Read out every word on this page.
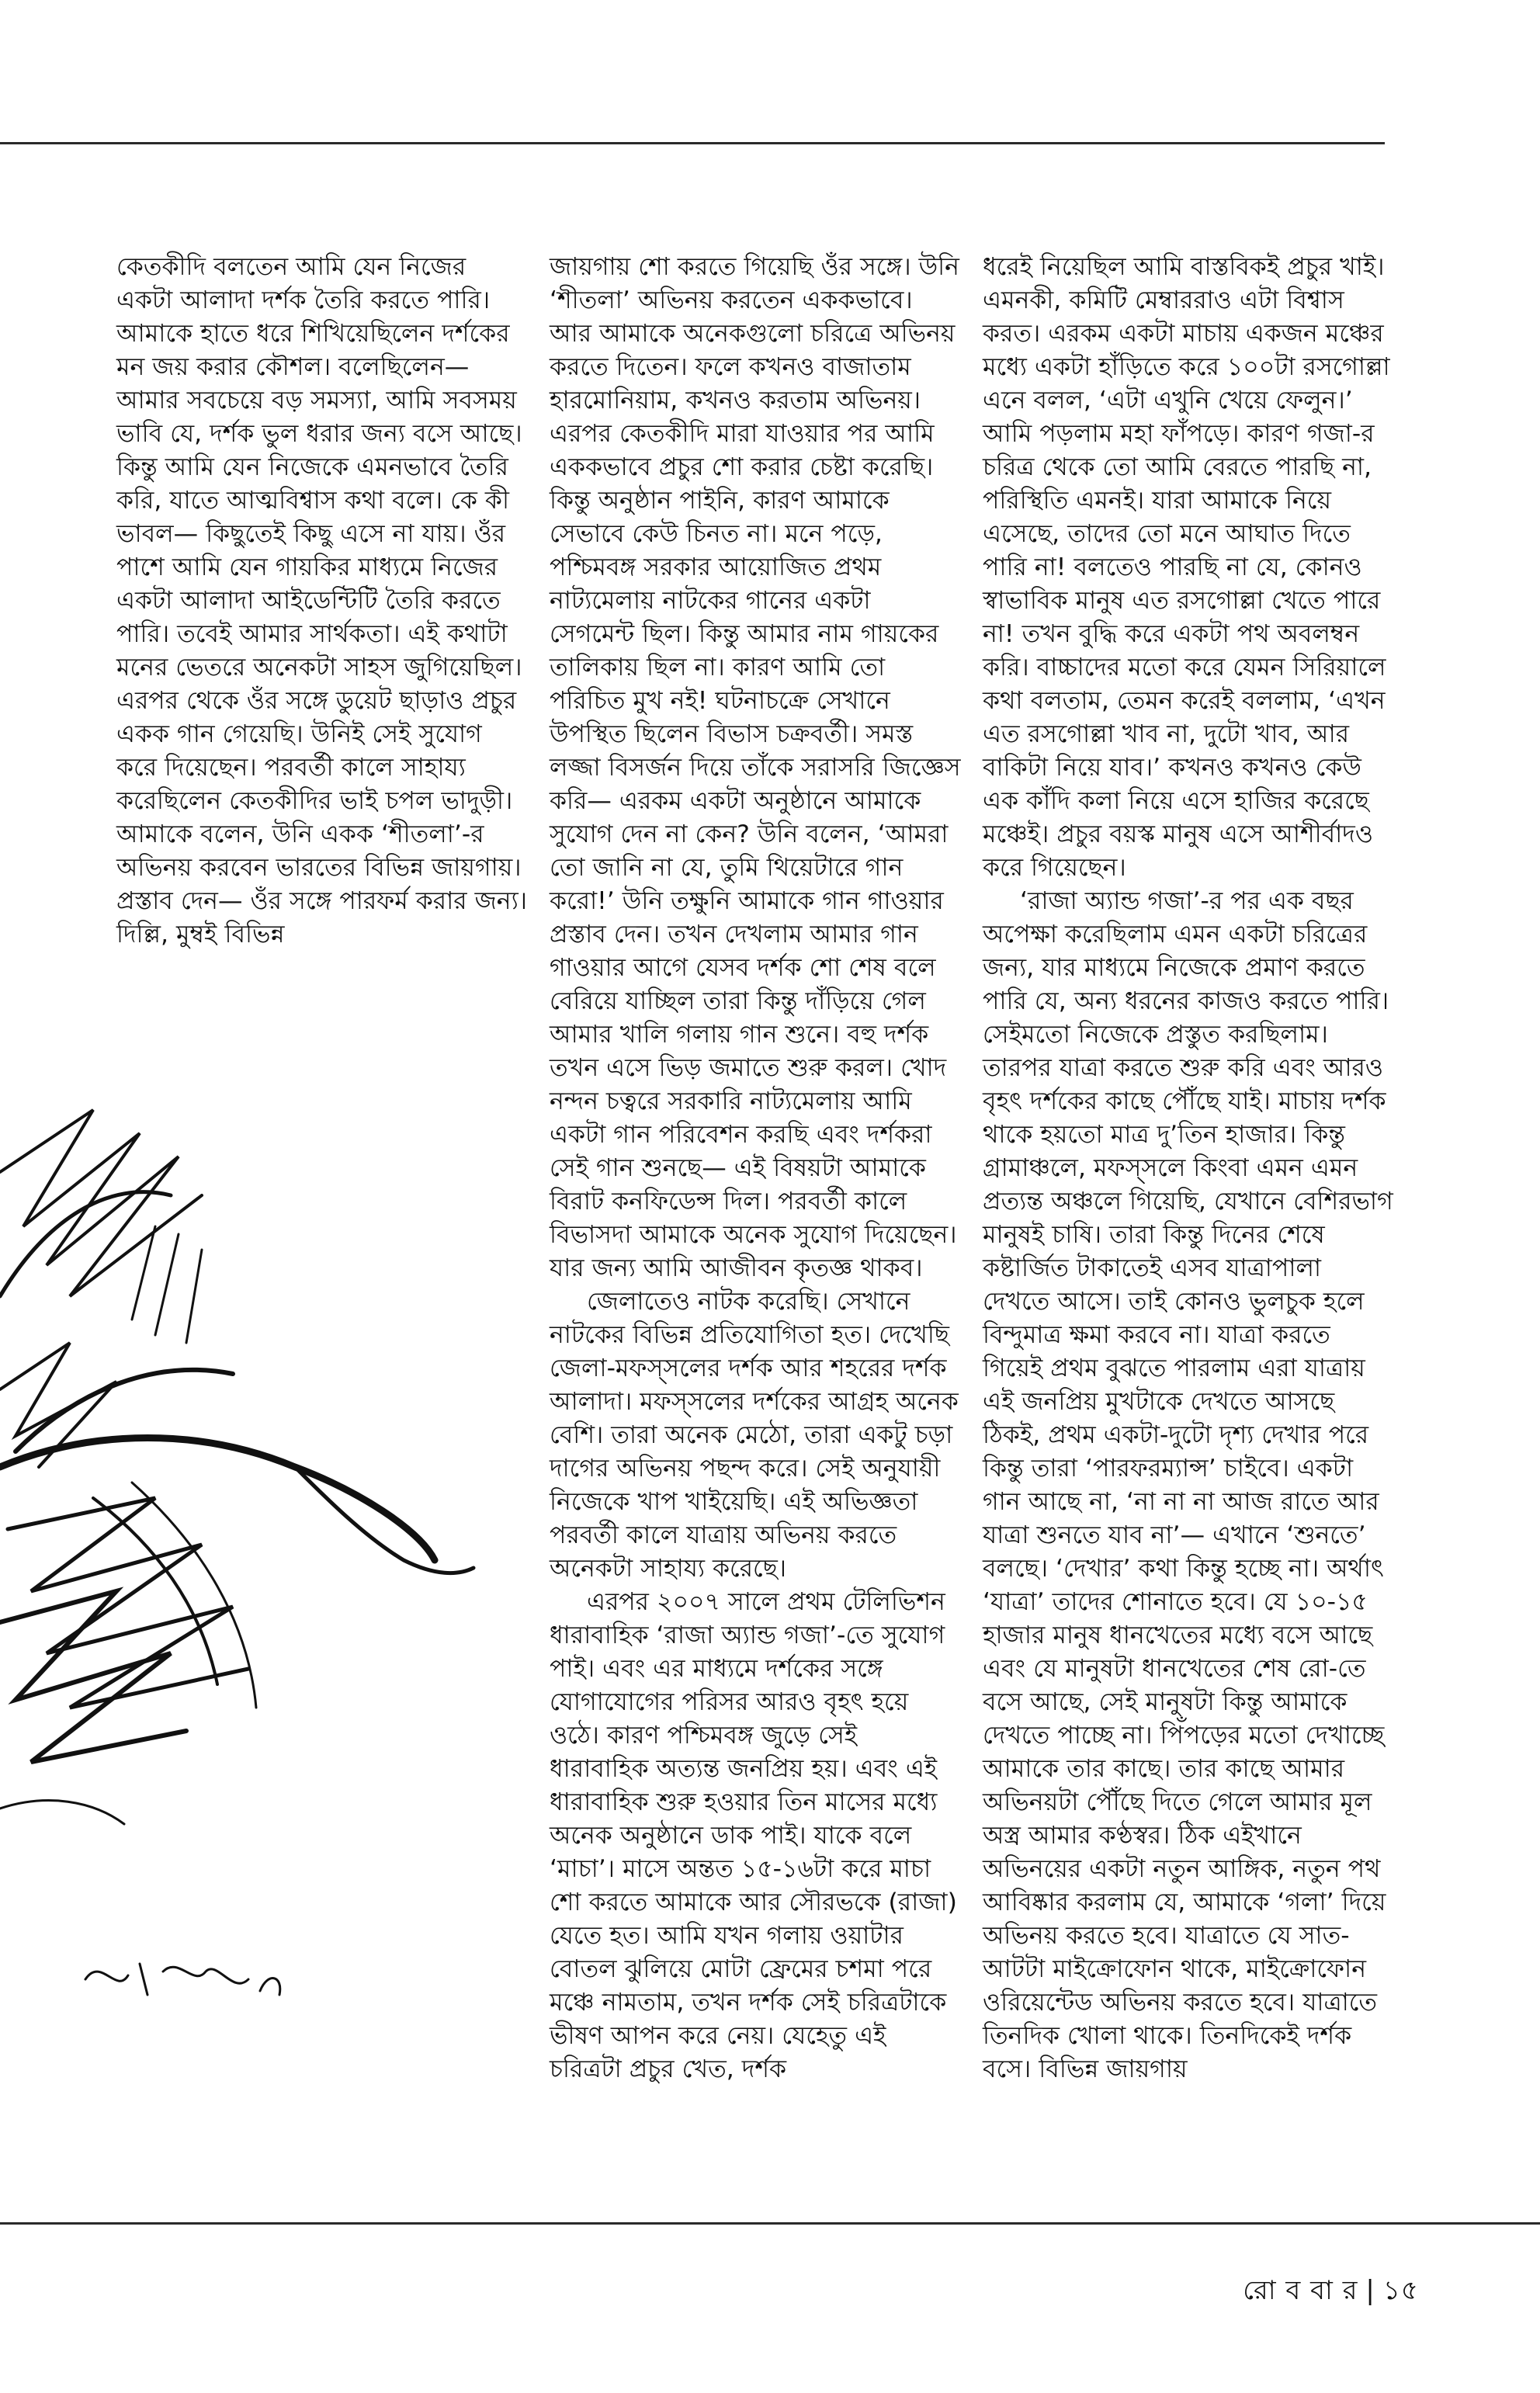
কেতকীদি বলতেন আমি যেন নিজের একটা আলাদা দর্শক তৈরি করতে পারি। আমাকে হাতে ধরে শিখিয়েছিলেন দর্শকের মন জয় করার কৌশল। বলেছিলেন— আমার সবচেয়ে বড় সমস্যা, আমি সবসময় ভাবি যে, দর্শক ভুল ধরার জন্য বসে আছে। কিন্তু আমি যেন নিজেকে এমনভাবে তৈরি করি, যাতে আত্মবিশ্বাস কথা বলে। কে কী ভাবল— কিছুতেই কিছু এসে না যায়। ওঁর পাশে আমি যেন গায়কির মাধ্যমে নিজের একটা আলাদা আইডেন্টিটি তৈরি করতে পারি। তবেই আমার সার্থকতা। এই কথাটা মনের ভেতরে অনেকটা সাহস জুগিয়েছিল। এরপর থেকে ওঁর সঙ্গে ডুয়েট ছাড়াও প্রচুর একক গান গেয়েছি। উনিই সেই সুযোগ করে দিয়েছেন। পরবর্তী কালে সাহায্য করেছিলেন কেতকীদির ভাই চপল ভাদুড়ী। আমাকে বলেন, উনি একক ‘শীতলা’-র অভিনয় করবেন ভারতের বিভিন্ন জায়গায়। প্রস্তাব দেন— ওঁর সঙ্গে পারফর্ম করার জন্য। দিল্লি, মুম্বই বিভিন্ন

জায়গায় শো করতে গিয়েছি ওঁর সঙ্গে। উনি ‘শীতলা’ অভিনয় করতেন এককভাবে। আর আমাকে অনেকগুলো চরিত্রে অভিনয় করতে দিতেন। ফলে কখনও বাজাতাম হারমোনিয়াম, কখনও করতাম অভিনয়। এরপর কেতকীদি মারা যাওয়ার পর আমি এককভাবে প্রচুর শো করার চেষ্টা করেছি। কিন্তু অনুষ্ঠান পাইনি, কারণ আমাকে সেভাবে কেউ চিনত না। মনে পড়ে, পশ্চিমবঙ্গ সরকার আয়োজিত প্রথম নাট্যমেলায় নাটকের গানের একটা সেগমেন্ট ছিল। কিন্তু আমার নাম গায়কের তালিকায় ছিল না। কারণ আমি তো পরিচিত মুখ নই! ঘটনাচক্রে সেখানে উপস্থিত ছিলেন বিভাস চক্রবর্তী। সমস্ত লজ্জা বিসর্জন দিয়ে তাঁকে সরাসরি জিজ্ঞেস করি— এরকম একটা অনুষ্ঠানে আমাকে সুযোগ দেন না কেন? উনি বলেন, ‘আমরা তো জানি না যে, তুমি থিয়েটারে গান করো!’ উনি তক্ষুনি আমাকে গান গাওয়ার প্রস্তাব দেন। তখন দেখলাম আমার গান গাওয়ার আগে যেসব দর্শক শো শেষ বলে বেরিয়ে যাচ্ছিল তারা কিন্তু দাঁড়িয়ে গেল আমার খালি গলায় গান শুনে। বহু দর্শক তখন এসে ভিড় জমাতে শুরু করল। খোদ নন্দন চত্বরে সরকারি নাট্যমেলায় আমি একটা গান পরিবেশন করছি এবং দর্শকরা সেই গান শুনছে— এই বিষয়টা আমাকে বিরাট কনফিডেন্স দিল। পরবর্তী কালে বিভাসদা আমাকে অনেক সুযোগ দিয়েছেন। যার জন্য আমি আজীবন কৃতজ্ঞ থাকব।

জেলাতেও নাটক করেছি। সেখানে নাটকের বিভিন্ন প্রতিযোগিতা হত। দেখেছি জেলা-মফস্‌সলের দর্শক আর শহরের দর্শক আলাদা। মফস্‌সলের দর্শকের আগ্রহ অনেক বেশি। তারা অনেক মেঠো, তারা একটু চড়া দাগের অভিনয় পছন্দ করে। সেই অনুযায়ী নিজেকে খাপ খাইয়েছি। এই অভিজ্ঞতা পরবর্তী কালে যাত্রায় অভিনয় করতে অনেকটা সাহায্য করেছে।

এরপর ২০০৭ সালে প্রথম টেলিভিশন ধারাবাহিক ‘রাজা অ্যান্ড গজা’-তে সুযোগ পাই। এবং এর মাধ্যমে দর্শকের সঙ্গে যোগাযোগের পরিসর আরও বৃহৎ হয়ে ওঠে। কারণ পশ্চিমবঙ্গ জুড়ে সেই ধারাবাহিক অত্যন্ত জনপ্রিয় হয়। এবং এই ধারাবাহিক শুরু হওয়ার তিন মাসের মধ্যে অনেক অনুষ্ঠানে ডাক পাই। যাকে বলে ‘মাচা’। মাসে অন্তত ১৫-১৬টা করে মাচা শো করতে আমাকে আর সৌরভকে (রাজা) যেতে হত। আমি যখন গলায় ওয়াটার বোতল ঝুলিয়ে মোটা ফ্রেমের চশমা পরে মঞ্চে নামতাম, তখন দর্শক সেই চরিত্রটাকে ভীষণ আপন করে নেয়। যেহেতু এই চরিত্রটা প্রচুর খেত, দর্শক

ধরেই নিয়েছিল আমি বাস্তবিকই প্রচুর খাই। এমনকী, কমিটি মেম্বাররাও এটা বিশ্বাস করত। এরকম একটা মাচায় একজন মঞ্চের মধ্যে একটা হাঁড়িতে করে ১০০টা রসগোল্লা এনে বলল, ‘এটা এখুনি খেয়ে ফেলুন।’ আমি পড়লাম মহা ফাঁপড়ে। কারণ গজা-র চরিত্র থেকে তো আমি বেরতে পারছি না, পরিস্থিতি এমনই। যারা আমাকে নিয়ে এসেছে, তাদের তো মনে আঘাত দিতে পারি না! বলতেও পারছি না যে, কোনও স্বাভাবিক মানুষ এত রসগোল্লা খেতে পারে না! তখন বুদ্ধি করে একটা পথ অবলম্বন করি। বাচ্চাদের মতো করে যেমন সিরিয়ালে কথা বলতাম, তেমন করেই বললাম, ‘এখন এত রসগোল্লা খাব না, দুটো খাব, আর বাকিটা নিয়ে যাব।’ কখনও কখনও কেউ এক কাঁদি কলা নিয়ে এসে হাজির করেছে মঞ্চেই। প্রচুর বয়স্ক মানুষ এসে আশীর্বাদও করে গিয়েছেন।

‘রাজা অ্যান্ড গজা’-র পর এক বছর অপেক্ষা করেছিলাম এমন একটা চরিত্রের জন্য, যার মাধ্যমে নিজেকে প্রমাণ করতে পারি যে, অন্য ধরনের কাজও করতে পারি। সেইমতো নিজেকে প্রস্তুত করছিলাম। তারপর যাত্রা করতে শুরু করি এবং আরও বৃহৎ দর্শকের কাছে পৌঁছে যাই। মাচায় দর্শক থাকে হয়তো মাত্র দু’তিন হাজার। কিন্তু গ্রামাঞ্চলে, মফস্‌সলে কিংবা এমন এমন প্রত্যন্ত অঞ্চলে গিয়েছি, যেখানে বেশিরভাগ মানুষই চাষি। তারা কিন্তু দিনের শেষে কষ্টার্জিত টাকাতেই এসব যাত্রাপালা দেখতে আসে। তাই কোনও ভুলচুক হলে বিন্দুমাত্র ক্ষমা করবে না। যাত্রা করতে গিয়েই প্রথম বুঝতে পারলাম এরা যাত্রায় এই জনপ্রিয় মুখটাকে দেখতে আসছে ঠিকই, প্রথম একটা-দুটো দৃশ্য দেখার পরে কিন্তু তারা ‘পারফরম্যান্স’ চাইবে। একটা গান আছে না, ‘না না না আজ রাতে আর যাত্রা শুনতে যাব না’— এখানে ‘শুনতে’ বলছে। ‘দেখার’ কথা কিন্তু হচ্ছে না। অর্থাৎ ‘যাত্রা’ তাদের শোনাতে হবে। যে ১০-১৫ হাজার মানুষ ধানখেতের মধ্যে বসে আছে এবং যে মানুষটা ধানখেতের শেষ রো-তে বসে আছে, সেই মানুষটা কিন্তু আমাকে দেখতে পাচ্ছে না। পিঁপড়ের মতো দেখাচ্ছে আমাকে তার কাছে। তার কাছে আমার অভিনয়টা পৌঁছে দিতে গেলে আমার মূল অস্ত্র আমার কণ্ঠস্বর। ঠিক এইখানে অভিনয়ের একটা নতুন আঙ্গিক, নতুন পথ আবিষ্কার করলাম যে, আমাকে ‘গলা’ দিয়ে অভিনয় করতে হবে। যাত্রাতে যে সাত-আটটা মাইক্রোফোন থাকে, মাইক্রোফোন ওরিয়েন্টেড অভিনয় করতে হবে। যাত্রাতে তিনদিক খোলা থাকে। তিনদিকেই দর্শক বসে। বিভিন্ন জায়গায়

রো ব বা র | ১৫
